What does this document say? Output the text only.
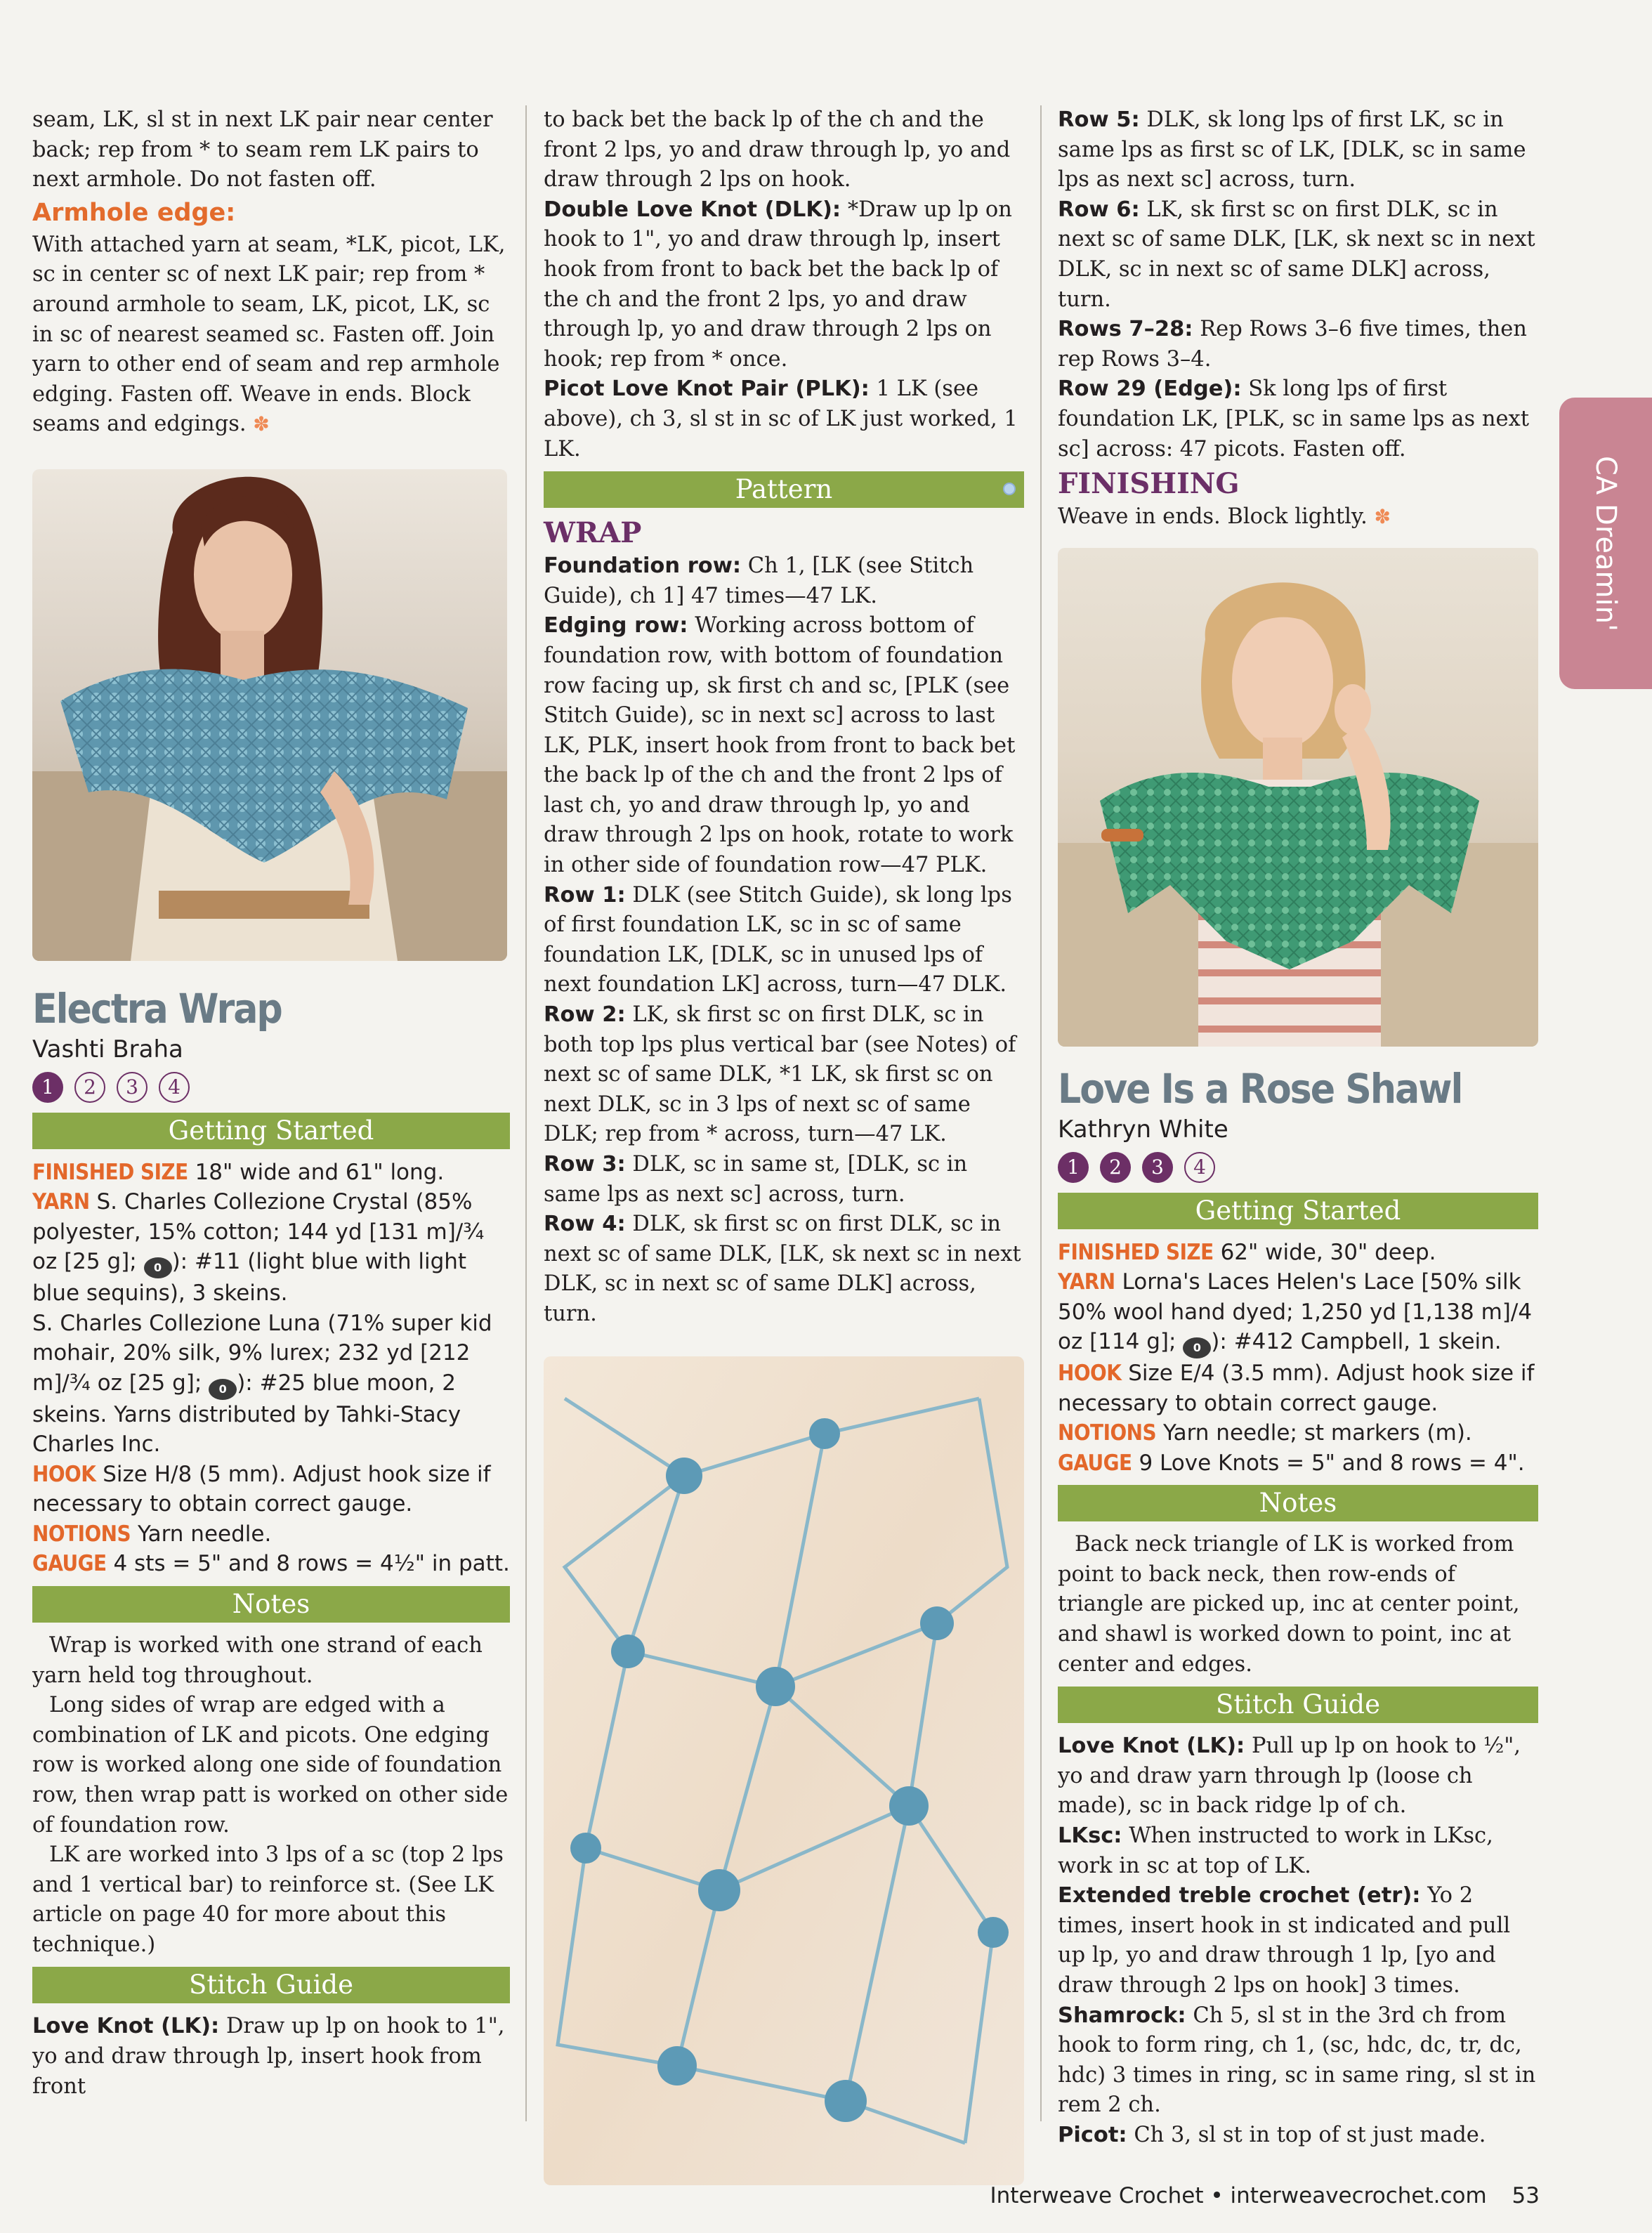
seam, LK, sl st in next LK pair near center back; rep from * to seam rem LK pairs to next armhole. Do not fasten off.

Armhole edge:

With attached yarn at seam, *LK, picot, LK, sc in center sc of next LK pair; rep from * around armhole to seam, LK, picot, LK, sc in sc of nearest seamed sc. Fasten off. Join yarn to other end of seam and rep armhole edging. Fasten off. Weave in ends. Block seams and edgings. ✽

Electra Wrap
Vashti Braha
1	2	3	4
Getting Started

FINISHED SIZE 18" wide and 61" long.

YARN S. Charles Collezione Crystal (85% polyester, 15% cotton; 144 yd [131 m]/¾ oz [25 g]; 0 ): #11 (light blue with light blue sequins), 3 skeins.

S. Charles Collezione Luna (71% super kid mohair, 20% silk, 9% lurex; 232 yd [212 m]/¾ oz [25 g]; 0 ): #25 blue moon, 2 skeins. Yarns distributed by Tahki-Stacy Charles Inc.

HOOK Size H/8 (5 mm). Adjust hook size if necessary to obtain correct gauge.

NOTIONS Yarn needle.

GAUGE 4 sts = 5" and 8 rows = 4½" in patt.

Notes

Wrap is worked with one strand of each yarn held tog throughout.

Long sides of wrap are edged with a combination of LK and picots. One edging row is worked along one side of foundation row, then wrap patt is worked on other side of foundation row.

LK are worked into 3 lps of a sc (top 2 lps and 1 vertical bar) to reinforce st. (See LK article on page 40 for more about this technique.)

Stitch Guide

Love Knot (LK): Draw up lp on hook to 1", yo and draw through lp, insert hook from front

to back bet the back lp of the ch and the front 2 lps, yo and draw through lp, yo and draw through 2 lps on hook.

Double Love Knot (DLK): *Draw up lp on hook to 1", yo and draw through lp, insert hook from front to back bet the back lp of the ch and the front 2 lps, yo and draw through lp, yo and draw through 2 lps on hook; rep from * once.

Picot Love Knot Pair (PLK): 1 LK (see above), ch 3, sl st in sc of LK just worked, 1 LK.

Pattern
WRAP

Foundation row: Ch 1, [LK (see Stitch Guide), ch 1] 47 times—47 LK.

Edging row: Working across bottom of foundation row, with bottom of foundation row facing up, sk first ch and sc, [PLK (see Stitch Guide), sc in next sc] across to last LK, PLK, insert hook from front to back bet the back lp of the ch and the front 2 lps of last ch, yo and draw through lp, yo and draw through 2 lps on hook, rotate to work in other side of foundation row—47 PLK.

Row 1: DLK (see Stitch Guide), sk long lps of first foundation LK, sc in sc of same foundation LK, [DLK, sc in unused lps of next foundation LK] across, turn—47 DLK.

Row 2: LK, sk first sc on first DLK, sc in both top lps plus vertical bar (see Notes) of next sc of same DLK, *1 LK, sk first sc on next DLK, sc in 3 lps of next sc of same DLK; rep from * across, turn—47 LK.

Row 3: DLK, sc in same st, [DLK, sc in same lps as next sc] across, turn.

Row 4: DLK, sk first sc on first DLK, sc in next sc of same DLK, [LK, sk next sc in next DLK, sc in next sc of same DLK] across, turn.

Row 5: DLK, sk long lps of first LK, sc in same lps as first sc of LK, [DLK, sc in same lps as next sc] across, turn.

Row 6: LK, sk first sc on first DLK, sc in next sc of same DLK, [LK, sk next sc in next DLK, sc in next sc of same DLK] across, turn.

Rows 7–28: Rep Rows 3–6 five times, then rep Rows 3–4.

Row 29 (Edge): Sk long lps of first foundation LK, [PLK, sc in same lps as next sc] across: 47 picots. Fasten off.

FINISHING

Weave in ends. Block lightly. ✽

Love Is a Rose Shawl
Kathryn White
1	2	3	4
Getting Started

FINISHED SIZE 62" wide, 30" deep.

YARN Lorna's Laces Helen's Lace [50% silk 50% wool hand dyed; 1,250 yd [1,138 m]/4 oz [114 g]; 0 ): #412 Campbell, 1 skein.

HOOK Size E/4 (3.5 mm). Adjust hook size if necessary to obtain correct gauge.

NOTIONS Yarn needle; st markers (m).

GAUGE 9 Love Knots = 5" and 8 rows = 4".

Notes

Back neck triangle of LK is worked from point to back neck, then row-ends of triangle are picked up, inc at center point, and shawl is worked down to point, inc at center and edges.

Stitch Guide

Love Knot (LK): Pull up lp on hook to ½", yo and draw yarn through lp (loose ch made), sc in back ridge lp of ch.

LKsc: When instructed to work in LKsc, work in sc at top of LK.

Extended treble crochet (etr): Yo 2 times, insert hook in st indicated and pull up lp, yo and draw through 1 lp, [yo and draw through 2 lps on hook] 3 times.

Shamrock: Ch 5, sl st in the 3rd ch from hook to form ring, ch 1, (sc, hdc, dc, tr, dc, hdc) 3 times in ring, sc in same ring, sl st in rem 2 ch.

Picot: Ch 3, sl st in top of st just made.

CA Dreamin'
Interweave Crochet • interweavecrochet.com 53
